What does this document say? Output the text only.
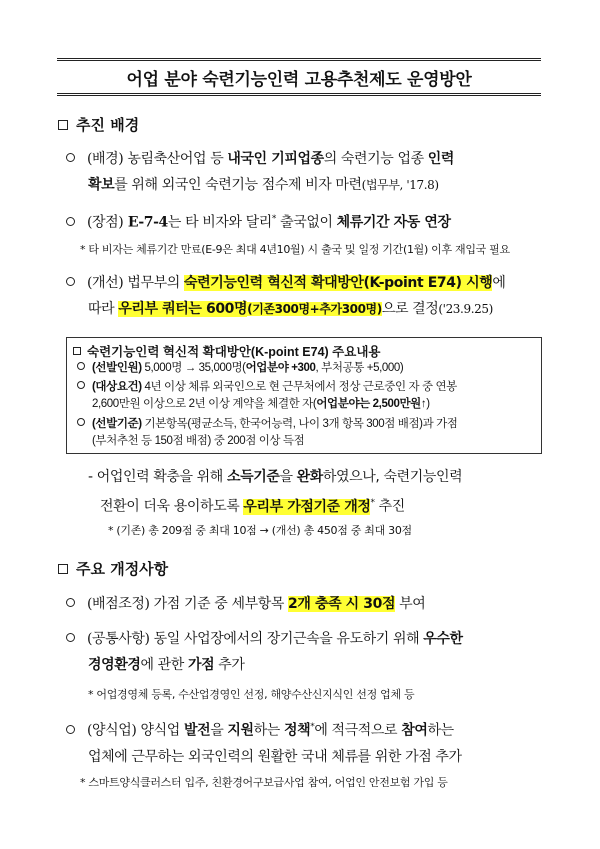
어업 분야 숙련기능인력 고용추천제도 운영방안
추진 배경
(배경) 농림축산어업 등 내국인 기피업종의 숙련기능 업종 인력
확보를 위해 외국인 숙련기능 점수제 비자 마련(법무부, '17.8)
(장점) E-7-4는 타 비자와 달리* 출국없이 체류기간 자동 연장
* 타 비자는 체류기간 만료(E-9은 최대 4년10월) 시 출국 및 일정 기간(1월) 이후 재입국 필요
(개선) 법무부의 숙련기능인력 혁신적 확대방안(K-point E74) 시행에
따라 우리부 쿼터는 600명(기존300명+추가300명)으로 결정('23.9.25)
숙련기능인력 혁신적 확대방안(K-point E74) 주요내용
(선발인원) 5,000명 → 35,000명(어업분야 +300, 부처공통 +5,000)
(대상요건) 4년 이상 체류 외국인으로 현 근무처에서 정상 근로중인 자 중 연봉
2,600만원 이상으로 2년 이상 계약을 체결한 자(어업분야는 2,500만원↑)
(선발기준) 기본항목(평균소득, 한국어능력, 나이 3개 항목 300점 배점)과 가점
(부처추천 등 150점 배점) 중 200점 이상 득점
- 어업인력 확충을 위해 소득기준을 완화하였으나, 숙련기능인력
전환이 더욱 용이하도록 우리부 가점기준 개정* 추진
* (기존) 총 209점 중 최대 10점 → (개선) 총 450점 중 최대 30점
주요 개정사항
(배점조정) 가점 기준 중 세부항목 2개 충족 시 30점 부여
(공통사항) 동일 사업장에서의 장기근속을 유도하기 위해 우수한
경영환경에 관한 가점 추가
* 어업경영체 등록, 수산업경영인 선정, 해양수산신지식인 선정 업체 등
(양식업) 양식업 발전을 지원하는 정책*에 적극적으로 참여하는
업체에 근무하는 외국인력의 원활한 국내 체류를 위한 가점 추가
* 스마트양식클러스터 입주, 친환경어구보급사업 참여, 어업인 안전보험 가입 등
